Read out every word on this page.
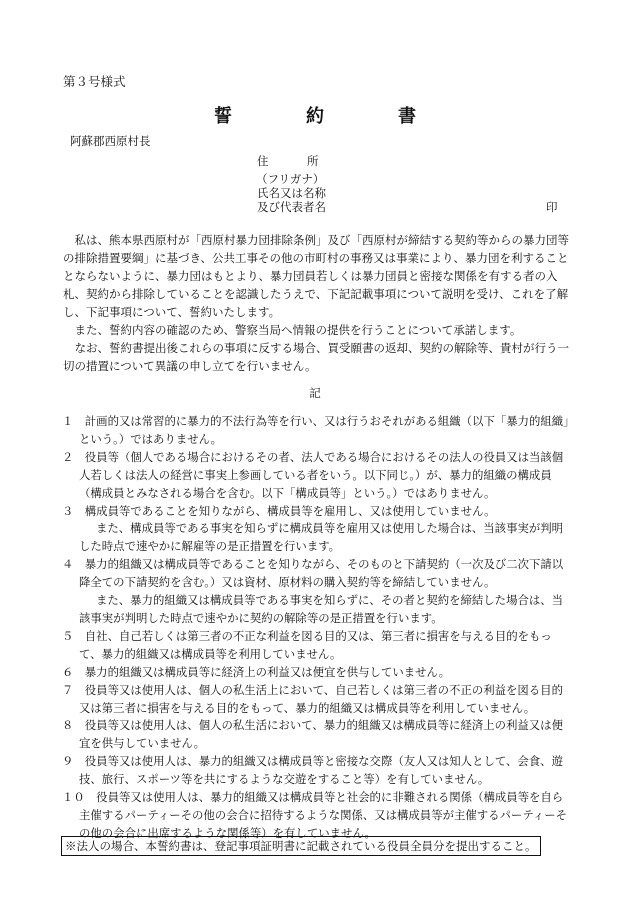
第３号様式
誓　約　書
阿蘇郡西原村長
住　　　所
（フリガナ）
氏名又は名称
及び代表者名	印

　私は、熊本県西原村が「西原村暴力団排除条例」及び「西原村が締結する契約等からの暴力団等の排除措置要綱」に基づき、公共工事その他の市町村の事務又は事業により、暴力団を利することとならないように、暴力団はもとより、暴力団員若しくは暴力団員と密接な関係を有する者の入札、契約から排除していることを認識したうえで、下記記載事項について説明を受け、これを了解し、下記事項について、誓約いたします。

　また、誓約内容の確認のため、警察当局へ情報の提供を行うことについて承諾します。

　なお、誓約書提出後これらの事項に反する場合、買受願書の返却、契約の解除等、貴村が行う一切の措置について異議の申し立てを行いません。

記

１　計画的又は常習的に暴力的不法行為等を行い、又は行うおそれがある組織（以下「暴力的組織」という。）ではありません。

２　役員等（個人である場合におけるその者、法人である場合におけるその法人の役員又は当該個人若しくは法人の経営に事実上参画している者をいう。以下同じ。）が、暴力的組織の構成員（構成員とみなされる場合を含む。以下「構成員等」という。）ではありません。

３　構成員等であることを知りながら、構成員等を雇用し、又は使用していません。

また、構成員等である事実を知らずに構成員等を雇用又は使用した場合は、当該事実が判明した時点で速やかに解雇等の是正措置を行います。

４　暴力的組織又は構成員等であることを知りながら、そのものと下請契約（一次及び二次下請以降全ての下請契約を含む。）又は資材、原材料の購入契約等を締結していません。

また、暴力的組織又は構成員等である事実を知らずに、その者と契約を締結した場合は、当該事実が判明した時点で速やかに契約の解除等の是正措置を行います。

５　自社、自己若しくは第三者の不正な利益を図る目的又は、第三者に損害を与える目的をもって、暴力的組織又は構成員等を利用していません。

６　暴力的組織又は構成員等に経済上の利益又は便宜を供与していません。

７　役員等又は使用人は、個人の私生活上において、自己若しくは第三者の不正の利益を図る目的又は第三者に損害を与える目的をもって、暴力的組織又は構成員等を利用していません。

８　役員等又は使用人は、個人の私生活において、暴力的組織又は構成員等に経済上の利益又は便宜を供与していません。

９　役員等又は使用人は、暴力的組織又は構成員等と密接な交際（友人又は知人として、会食、遊技、旅行、スポーツ等を共にするような交遊をすること等）を有していません。

１０　役員等又は使用人は、暴力的組織又は構成員等と社会的に非難される関係（構成員等を自ら主催するパーティーその他の会合に招待するような関係、又は構成員等が主催するパーティーその他の会合に出席するような関係等）を有していません。

※法人の場合、本誓約書は、登記事項証明書に記載されている役員全員分を提出すること。
